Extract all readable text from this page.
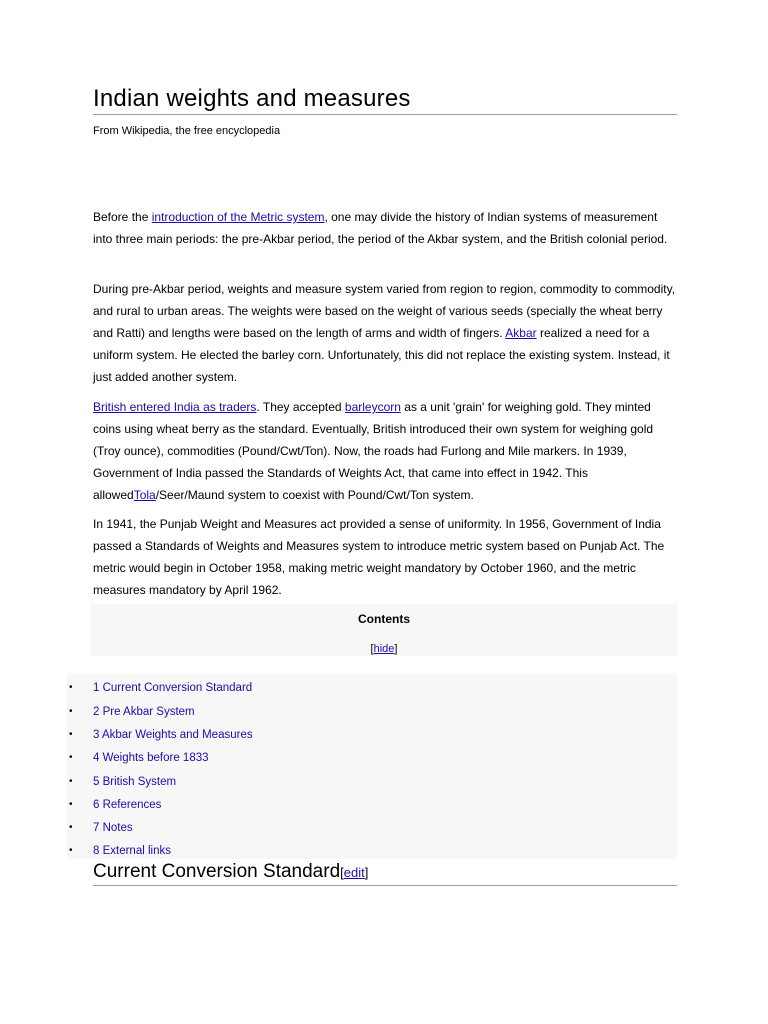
Indian weights and measures
From Wikipedia, the free encyclopedia

Before the introduction of the Metric system, one may divide the history of Indian systems of measurement into three main periods: the pre-Akbar period, the period of the Akbar system, and the British colonial period.

During pre-Akbar period, weights and measure system varied from region to region, commodity to commodity, and rural to urban areas. The weights were based on the weight of various seeds (specially the wheat berry and Ratti) and lengths were based on the length of arms and width of fingers. Akbar realized a need for a uniform system. He elected the barley corn. Unfortunately, this did not replace the existing system. Instead, it just added another system.

British entered India as traders. They accepted barleycorn as a unit 'grain' for weighing gold. They minted coins using wheat berry as the standard. Eventually, British introduced their own system for weighing gold (Troy ounce), commodities (Pound/Cwt/Ton). Now, the roads had Furlong and Mile markers. In 1939, Government of India passed the Standards of Weights Act, that came into effect in 1942. This allowedTola/Seer/Maund system to coexist with Pound/Cwt/Ton system.

In 1941, the Punjab Weight and Measures act provided a sense of uniformity. In 1956, Government of India passed a Standards of Weights and Measures system to introduce metric system based on Punjab Act. The metric would begin in October 1958, making metric weight mandatory by October 1960, and the metric measures mandatory by April 1962.

Contents
[hide]
• 1 Current Conversion Standard
• 2 Pre Akbar System
• 3 Akbar Weights and Measures
• 4 Weights before 1833
• 5 British System
• 6 References
• 7 Notes
• 8 External links
Current Conversion Standard[edit]
